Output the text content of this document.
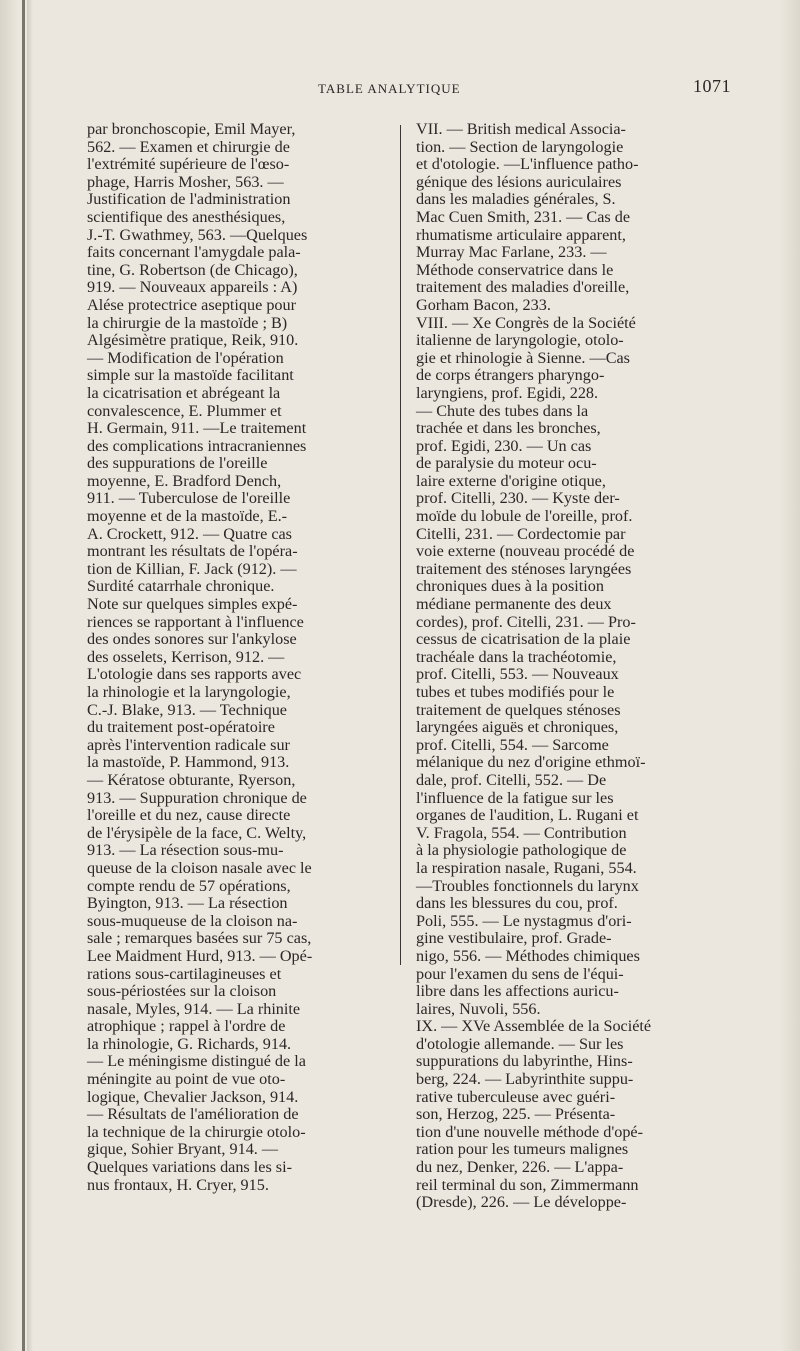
TABLE ANALYTIQUE	1071
par bronchoscopie, Emil Mayer,
562. — Examen et chirurgie de
l'extrémité supérieure de l'œso-
phage, Harris Mosher, 563. —
Justification de l'administration
scientifique des anesthésiques,
J.-T. Gwathmey, 563. —Quelques
faits concernant l'amygdale pala-
tine, G. Robertson (de Chicago),
919. — Nouveaux appareils : A)
Alése protectrice aseptique pour
la chirurgie de la mastoïde ; B)
Algésimètre pratique, Reik, 910.
— Modification de l'opération
simple sur la mastoïde facilitant
la cicatrisation et abrégeant la
convalescence, E. Plummer et
H. Germain, 911. —Le traitement
des complications intracraniennes
des suppurations de l'oreille
moyenne, E. Bradford Dench,
911. — Tuberculose de l'oreille
moyenne et de la mastoïde, E.-
A. Crockett, 912. — Quatre cas
montrant les résultats de l'opéra-
tion de Killian, F. Jack (912). —
Surdité catarrhale chronique.
Note sur quelques simples expé-
riences se rapportant à l'influence
des ondes sonores sur l'ankylose
des osselets, Kerrison, 912. —
L'otologie dans ses rapports avec
la rhinologie et la laryngologie,
C.-J. Blake, 913. — Technique
du traitement post-opératoire
après l'intervention radicale sur
la mastoïde, P. Hammond, 913.
— Kératose obturante, Ryerson,
913. — Suppuration chronique de
l'oreille et du nez, cause directe
de l'érysipèle de la face, C. Welty,
913. — La résection sous-mu-
queuse de la cloison nasale avec le
compte rendu de 57 opérations,
Byington, 913. — La résection
sous-muqueuse de la cloison na-
sale ; remarques basées sur 75 cas,
Lee Maidment Hurd, 913. — Opé-
rations sous-cartilagineuses et
sous-périostées sur la cloison
nasale, Myles, 914. — La rhinite
atrophique ; rappel à l'ordre de
la rhinologie, G. Richards, 914.
— Le méningisme distingué de la
méningite au point de vue oto-
logique, Chevalier Jackson, 914.
— Résultats de l'amélioration de
la technique de la chirurgie otolo-
gique, Sohier Bryant, 914. —
Quelques variations dans les si-
nus frontaux, H. Cryer, 915.
VII. — British medical Associa-
tion. — Section de laryngologie
et d'otologie. —L'influence patho-
génique des lésions auriculaires
dans les maladies générales, S.
Mac Cuen Smith, 231. — Cas de
rhumatisme articulaire apparent,
Murray Mac Farlane, 233. —
Méthode conservatrice dans le
traitement des maladies d'oreille,
Gorham Bacon, 233.
VIII. — Xe Congrès de la Société
italienne de laryngologie, otolo-
gie et rhinologie à Sienne. —Cas
de corps étrangers pharyngo-
laryngiens, prof. Egidi, 228.
— Chute des tubes dans la
trachée et dans les bronches,
prof. Egidi, 230. — Un cas
de paralysie du moteur ocu-
laire externe d'origine otique,
prof. Citelli, 230. — Kyste der-
moïde du lobule de l'oreille, prof.
Citelli, 231. — Cordectomie par
voie externe (nouveau procédé de
traitement des sténoses laryngées
chroniques dues à la position
médiane permanente des deux
cordes), prof. Citelli, 231. — Pro-
cessus de cicatrisation de la plaie
trachéale dans la trachéotomie,
prof. Citelli, 553. — Nouveaux
tubes et tubes modifiés pour le
traitement de quelques sténoses
laryngées aiguës et chroniques,
prof. Citelli, 554. — Sarcome
mélanique du nez d'origine ethmoï-
dale, prof. Citelli, 552. — De
l'influence de la fatigue sur les
organes de l'audition, L. Rugani et
V. Fragola, 554. — Contribution
à la physiologie pathologique de
la respiration nasale, Rugani, 554.
—Troubles fonctionnels du larynx
dans les blessures du cou, prof.
Poli, 555. — Le nystagmus d'ori-
gine vestibulaire, prof. Grade-
nigo, 556. — Méthodes chimiques
pour l'examen du sens de l'équi-
libre dans les affections auricu-
laires, Nuvoli, 556.
IX. — XVe Assemblée de la Société
d'otologie allemande. — Sur les
suppurations du labyrinthe, Hins-
berg, 224. — Labyrinthite suppu-
rative tuberculeuse avec guéri-
son, Herzog, 225. — Présenta-
tion d'une nouvelle méthode d'opé-
ration pour les tumeurs malignes
du nez, Denker, 226. — L'appa-
reil terminal du son, Zimmermann
(Dresde), 226. — Le développe-
